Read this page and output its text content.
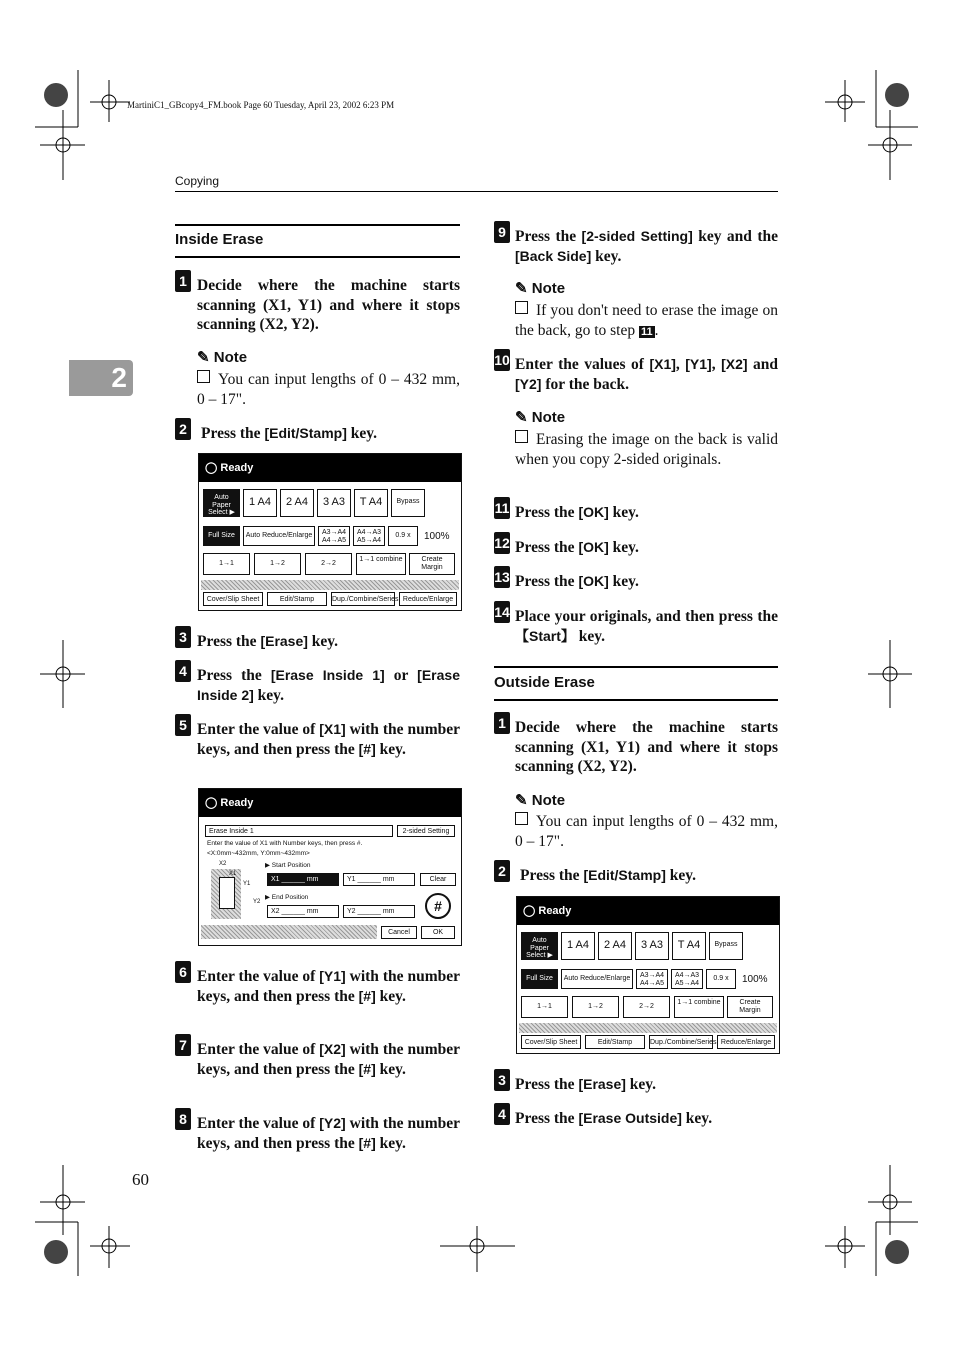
MartiniC1_GBcopy4_FM.book Page 60 Tuesday, April 23, 2002 6:23 PM
Copying
2
Inside Erase
1 Decide where the machine starts scanning (X1, Y1) and where it stops scanning (X2, Y2).
✎ Note
You can input lengths of 0 – 432 mm, 0 – 17".
2 Press the [Edit/Stamp] key.
◯ Ready
Auto Paper Select ▶
1 A4	2 A4	3 A3	T A4	Bypass
Full Size	Auto Reduce/Enlarge	A3→A4 A4→A5
A4→A3 A5→A4
0.9 x	100%
1→1	1→2	2→2
1→1 combine	Create Margin
Cover/Slip Sheet	Edit/Stamp	Dup./Combine/Series Reduce/Enlarge
3 Press the [Erase] key.
4 Press the [Erase Inside 1] or [Erase Inside 2] key.
5 Enter the value of [X1] with the number keys, and then press the [#] key.
◯ Ready
Erase Inside 1	2-sided Setting
Enter the value of X1 with Number keys, then press #.
<X:0mm~432mm, Y:0mm~432mm>
▶ Start Position
▶ End Position
X2
X1
Y1
Y2
X1 ______ mm	Y1 ______ mm	Clear
X2 ______ mm	Y2 ______ mm	#
Cancel	OK
6 Enter the value of [Y1] with the number keys, and then press the [#] key.
7 Enter the value of [X2] with the number keys, and then press the [#] key.
8 Enter the value of [Y2] with the number keys, and then press the [#] key.
60
9 Press the [2-sided Setting] key and the [Back Side] key.
✎ Note
If you don't need to erase the image on the back, go to step 11 .
10 Enter the values of [X1], [Y1], [X2] and [Y2] for the back.
✎ Note
Erasing the image on the back is valid when you copy 2-sided originals.
11 Press the [OK] key.
12 Press the [OK] key.
13 Press the [OK] key.
14 Place your originals, and then press the 【Start】 key.
Outside Erase
1 Decide where the machine starts scanning (X1, Y1) and where it stops scanning (X2, Y2).
✎ Note
You can input lengths of 0 – 432 mm, 0 – 17".
2 Press the [Edit/Stamp] key.
◯ Ready
Auto Paper Select ▶
1 A4	2 A4	3 A3	T A4	Bypass
Full Size	Auto Reduce/Enlarge	A3→A4 A4→A5
A4→A3 A5→A4
0.9 x	100%
1→1	1→2	2→2
1→1 combine	Create Margin
Cover/Slip Sheet	Edit/Stamp	Dup./Combine/Series Reduce/Enlarge
3 Press the [Erase] key.
4 Press the [Erase Outside] key.
